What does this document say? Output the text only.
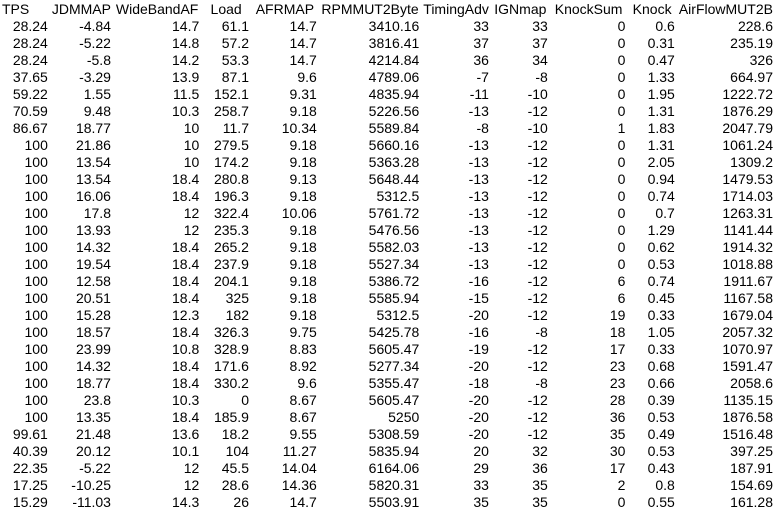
TPS	JDMMAP	WideBandAF	Load	AFRMAP	RPMMUT2Byte	TimingAdv	IGNmap	KnockSum	Knock	AirFlowMUT2B
28.24	-4.84	14.7	61.1	14.7	3410.16	33	33	0	0.6	228.6
28.24	-5.22	14.8	57.2	14.7	3816.41	37	37	0	0.31	235.19
28.24	-5.8	14.2	53.3	14.7	4214.84	36	34	0	0.47	326
37.65	-3.29	13.9	87.1	9.6	4789.06	-7	-8	0	1.33	664.97
59.22	1.55	11.5	152.1	9.31	4835.94	-11	-10	0	1.95	1222.72
70.59	9.48	10.3	258.7	9.18	5226.56	-13	-12	0	1.31	1876.29
86.67	18.77	10	11.7	10.34	5589.84	-8	-10	1	1.83	2047.79
100	21.86	10	279.5	9.18	5660.16	-13	-12	0	1.31	1061.24
100	13.54	10	174.2	9.18	5363.28	-13	-12	0	2.05	1309.2
100	13.54	18.4	280.8	9.13	5648.44	-13	-12	0	0.94	1479.53
100	16.06	18.4	196.3	9.18	5312.5	-13	-12	0	0.74	1714.03
100	17.8	12	322.4	10.06	5761.72	-13	-12	0	0.7	1263.31
100	13.93	12	235.3	9.18	5476.56	-13	-12	0	1.29	1141.44
100	14.32	18.4	265.2	9.18	5582.03	-13	-12	0	0.62	1914.32
100	19.54	18.4	237.9	9.18	5527.34	-13	-12	0	0.53	1018.88
100	12.58	18.4	204.1	9.18	5386.72	-16	-12	6	0.74	1911.67
100	20.51	18.4	325	9.18	5585.94	-15	-12	6	0.45	1167.58
100	15.28	12.3	182	9.18	5312.5	-20	-12	19	0.33	1679.04
100	18.57	18.4	326.3	9.75	5425.78	-16	-8	18	1.05	2057.32
100	23.99	10.8	328.9	8.83	5605.47	-19	-12	17	0.33	1070.97
100	14.32	18.4	171.6	8.92	5277.34	-20	-12	23	0.68	1591.47
100	18.77	18.4	330.2	9.6	5355.47	-18	-8	23	0.66	2058.6
100	23.8	10.3	0	8.67	5605.47	-20	-12	28	0.39	1135.15
100	13.35	18.4	185.9	8.67	5250	-20	-12	36	0.53	1876.58
99.61	21.48	13.6	18.2	9.55	5308.59	-20	-12	35	0.49	1516.48
40.39	20.12	10.1	104	11.27	5835.94	20	32	30	0.53	397.25
22.35	-5.22	12	45.5	14.04	6164.06	29	36	17	0.43	187.91
17.25	-10.25	12	28.6	14.36	5820.31	33	35	2	0.8	154.69
15.29	-11.03	14.3	26	14.7	5503.91	35	35	0	0.55	161.28
